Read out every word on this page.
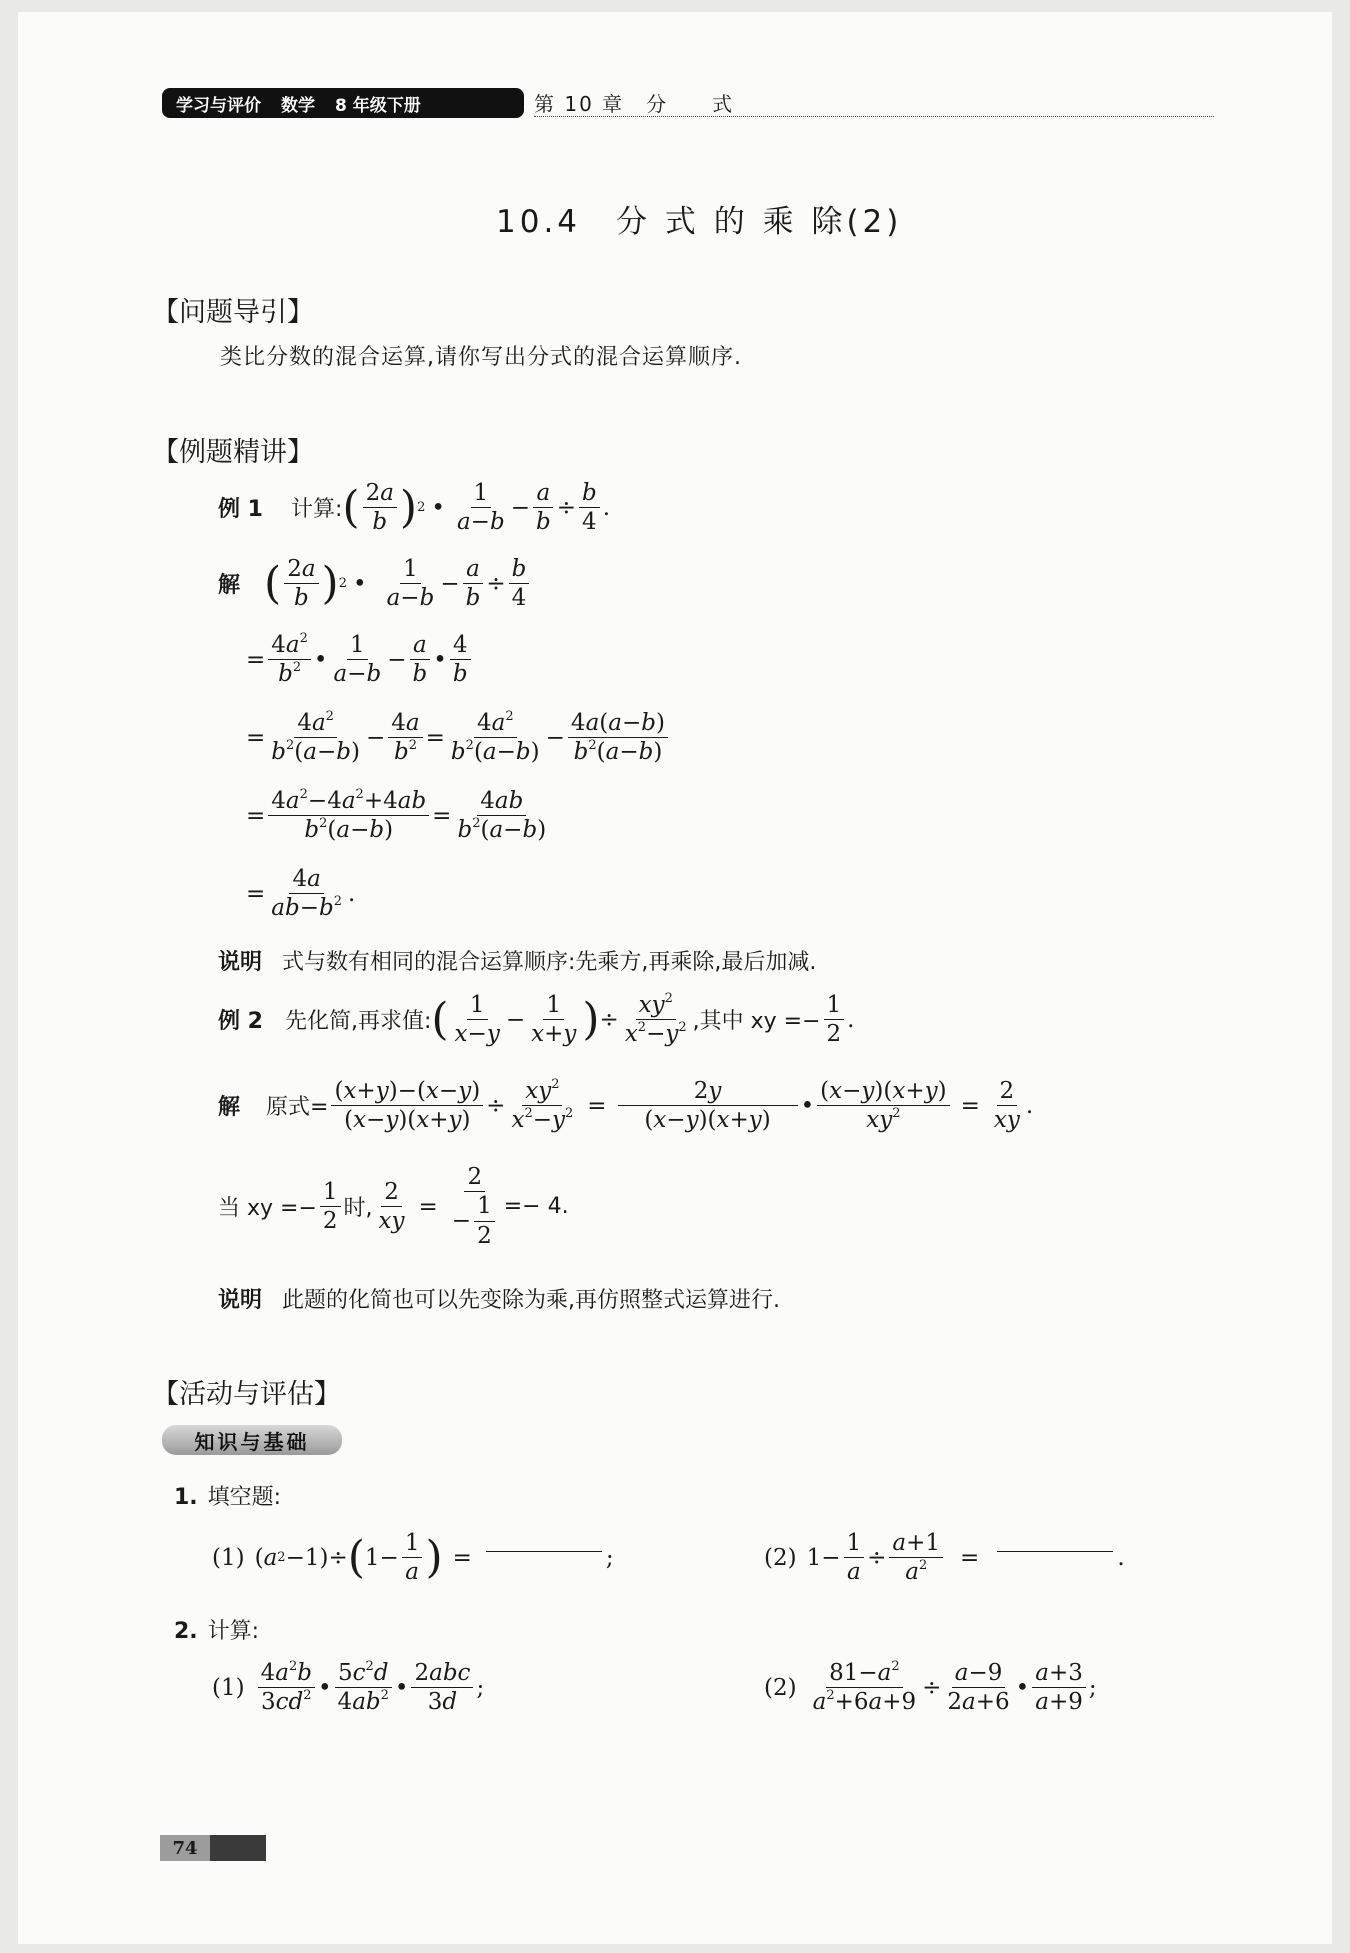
学习与评价 数学 8 年级下册	第 10 章　分　　式
10.4　分 式 的 乘 除(2)
【问题导引】
类比分数的混合运算,请你写出分式的混合运算顺序.
【例题精讲】
例 1 计算: ( $\frac{2a}{b}$ ) 2 • $\frac{1}{a-b} - \frac{a}{b} \div \frac{b}{4}$ .
解 ( $\frac{2a}{b}$ ) 2 • $\frac{1}{a-b} - \frac{a}{b} \div \frac{b}{4}$
= $\frac{4a^2}{b^2}$ • $\frac{1}{a-b} - \frac{a}{b}$ • $\frac{4}{b}$
= $\frac{4a^2}{b^2(a-b)} - \frac{4a}{b^2} = \frac{4a^2}{b^2(a-b)} - \frac{4a(a-b)}{b^2(a-b)}$
= $\frac{4a^2-4a^2+4ab}{b^2(a-b)} = \frac{4ab}{b^2(a-b)}$
= $\frac{4a}{ab-b^2}$ .
说明 式与数有相同的混合运算顺序:先乘方,再乘除,最后加减.
例 2 先化简,再求值: ( $\frac{1}{x-y} - \frac{1}{x+y}$ ) ÷ $\frac{xy^2}{x^2-y^2}$ ,其中 xy =− $\frac{1}{2}$ .
解 原式= $\frac{(x+y)-(x-y)}{(x-y)(x+y)} \div \frac{xy^2}{x^2-y^2} = \frac{2y}{(x-y)(x+y)}$ • $\frac{(x-y)(x+y)}{xy^2} = \frac{2}{xy}$ .
当 xy =− $\frac{1}{2}$ 时, $\frac{2}{xy} = \frac{2}{- \frac{1}{2}} =- 4$.
说明 此题的化简也可以先变除为乘,再仿照整式运算进行.
【活动与评估】
知识与基础
1. 填空题:
(1) ( a 2 −1)÷ ( $1- \frac{1}{a}$ ) =	;	(2) $1- \frac{1}{a} \div \frac{a+1}{a^2}$ =	.
2. 计算:
$(1) \frac{4a^2b}{3cd^2}$ • $\frac{5c^2d}{4ab^2}$ • $\frac{\text{2abc}}{3d}$ ;	$(2) \frac{81-a^2}{a^2+6a+9} \div \frac{a-9}{2a+6}$ • $\frac{a+3}{a+9}$ ;
74
